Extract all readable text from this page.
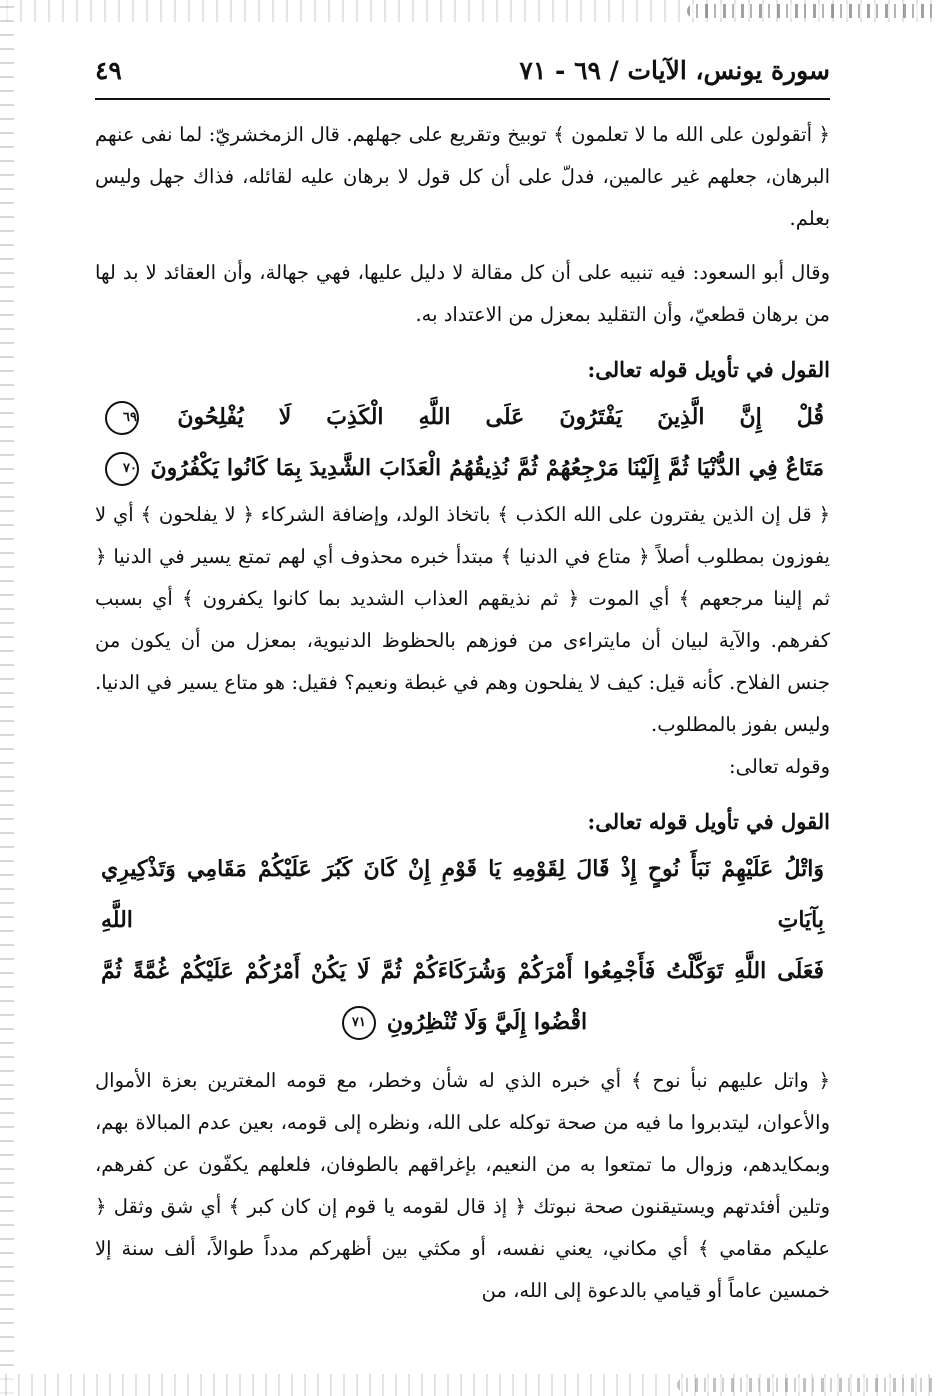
سورة يونس، الآيات / ٦٩ - ٧١
٤٩

﴿ أتقولون على الله ما لا تعلمون ﴾ توبيخ وتقريع على جهلهم. قال الزمخشريّ: لما نفى عنهم البرهان، جعلهم غير عالمين، فدلّ على أن كل قول لا برهان عليه لقائله، فذاك جهل وليس بعلم.

وقال أبو السعود: فيه تنبيه على أن كل مقالة لا دليل عليها، فهي جهالة، وأن العقائد لا بد لها من برهان قطعيّ، وأن التقليد بمعزل من الاعتداد به.

القول في تأويل قوله تعالى:

قُلْ إِنَّ الَّذِينَ يَفْتَرُونَ عَلَى اللَّهِ الْكَذِبَ لَا يُفْلِحُونَ ٦٩

مَتَاعٌ فِي الدُّنْيَا ثُمَّ إِلَيْنَا مَرْجِعُهُمْ ثُمَّ نُذِيقُهُمُ الْعَذَابَ الشَّدِيدَ بِمَا كَانُوا يَكْفُرُونَ ٧٠

﴿ قل إن الذين يفترون على الله الكذب ﴾ باتخاذ الولد، وإضافة الشركاء ﴿ لا يفلحون ﴾ أي لا يفوزون بمطلوب أصلاً ﴿ متاع في الدنيا ﴾ مبتدأ خبره محذوف أي لهم تمتع يسير في الدنيا ﴿ ثم إلينا مرجعهم ﴾ أي الموت ﴿ ثم نذيقهم العذاب الشديد بما كانوا يكفرون ﴾ أي بسبب كفرهم. والآية لبيان أن مايتراءى من فوزهم بالحظوظ الدنيوية، بمعزل من أن يكون من جنس الفلاح. كأنه قيل: كيف لا يفلحون وهم في غبطة ونعيم؟ فقيل: هو متاع يسير في الدنيا. وليس بفوز بالمطلوب.

وقوله تعالى:

القول في تأويل قوله تعالى:

وَاتْلُ عَلَيْهِمْ نَبَأَ نُوحٍ إِذْ قَالَ لِقَوْمِهِ يَا قَوْمِ إِنْ كَانَ كَبُرَ عَلَيْكُمْ مَقَامِي وَتَذْكِيرِي بِآيَاتِ اللَّهِ

فَعَلَى اللَّهِ تَوَكَّلْتُ فَأَجْمِعُوا أَمْرَكُمْ وَشُرَكَاءَكُمْ ثُمَّ لَا يَكُنْ أَمْرُكُمْ عَلَيْكُمْ غُمَّةً ثُمَّ

اقْضُوا إِلَيَّ وَلَا تُنْظِرُونِ ٧١

﴿ واتل عليهم نبأ نوح ﴾ أي خبره الذي له شأن وخطر، مع قومه المغترين بعزة الأموال والأعوان، ليتدبروا ما فيه من صحة توكله على الله، ونظره إلى قومه، بعين عدم المبالاة بهم، وبمكايدهم، وزوال ما تمتعوا به من النعيم، بإغراقهم بالطوفان، فلعلهم يكفّون عن كفرهم، وتلين أفئدتهم ويستيقنون صحة نبوتك ﴿ إذ قال لقومه يا قوم إن كان كبر ﴾ أي شق وثقل ﴿ عليكم مقامي ﴾ أي مكاني، يعني نفسه، أو مكثي بين أظهركم مدداً طوالاً، ألف سنة إلا خمسين عاماً أو قيامي بالدعوة إلى الله، من
